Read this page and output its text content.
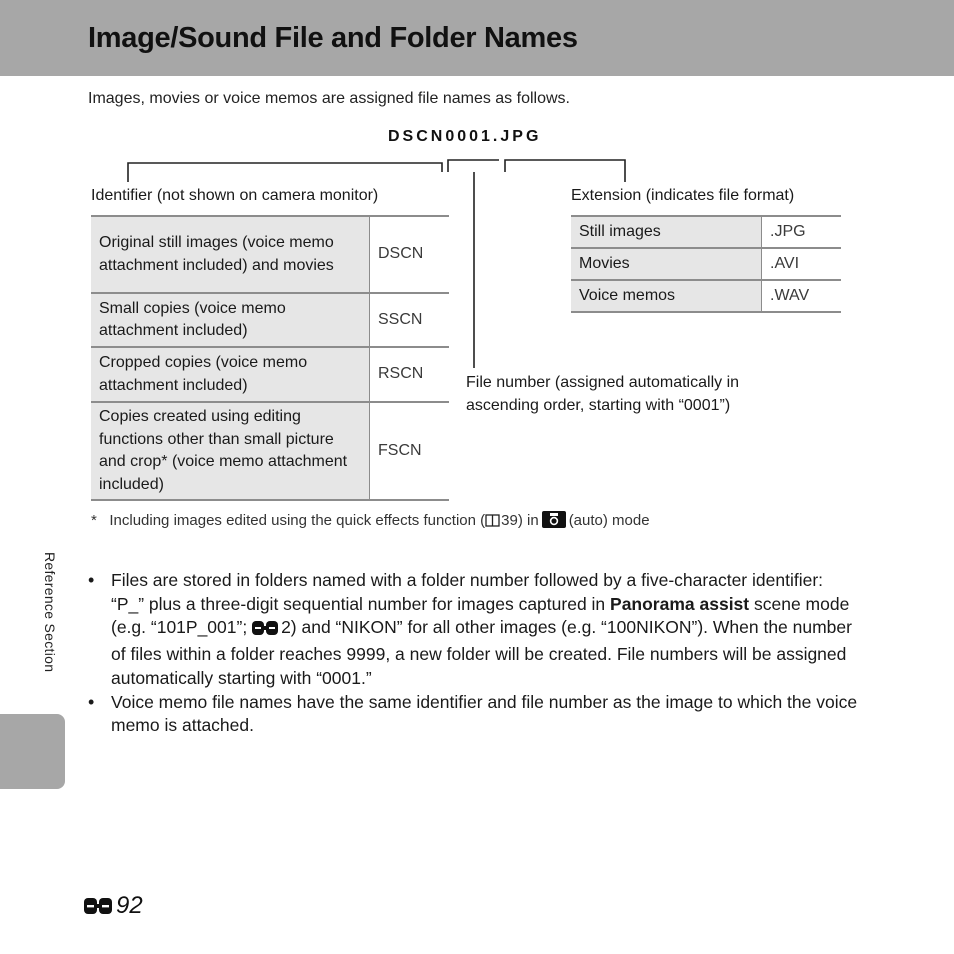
Image/Sound File and Folder Names
Images, movies or voice memos are assigned file names as follows.
DSCN0001.JPG
Identifier (not shown on camera monitor)	Extension (indicates file format)
File number (assigned automatically in ascending order, starting with “0001”)
Original still images (voice memo attachment included) and movies	DSCN
Small copies (voice memo attachment included)	SSCN
Cropped copies (voice memo attachment included)	RSCN
Copies created using editing functions other than small picture and crop* (voice memo attachment included)	FSCN
Still images	.JPG
Movies	.AVI
Voice memos	.WAV
* Including images edited using the quick effects function ( 39) in (auto) mode
Reference Section	• Files are stored in folders named with a folder number followed by a five-character identifier: “P_” plus a three-digit sequential number for images captured in Panorama assist scene mode (e.g. “101P_001”; 2) and “NIKON” for all other images (e.g. “100NIKON”). When the number of files within a folder reaches 9999, a new folder will be created. File numbers will be assigned automatically starting with “0001.”
• Voice memo file names have the same identifier and file number as the image to which the voice memo is attached.
92
